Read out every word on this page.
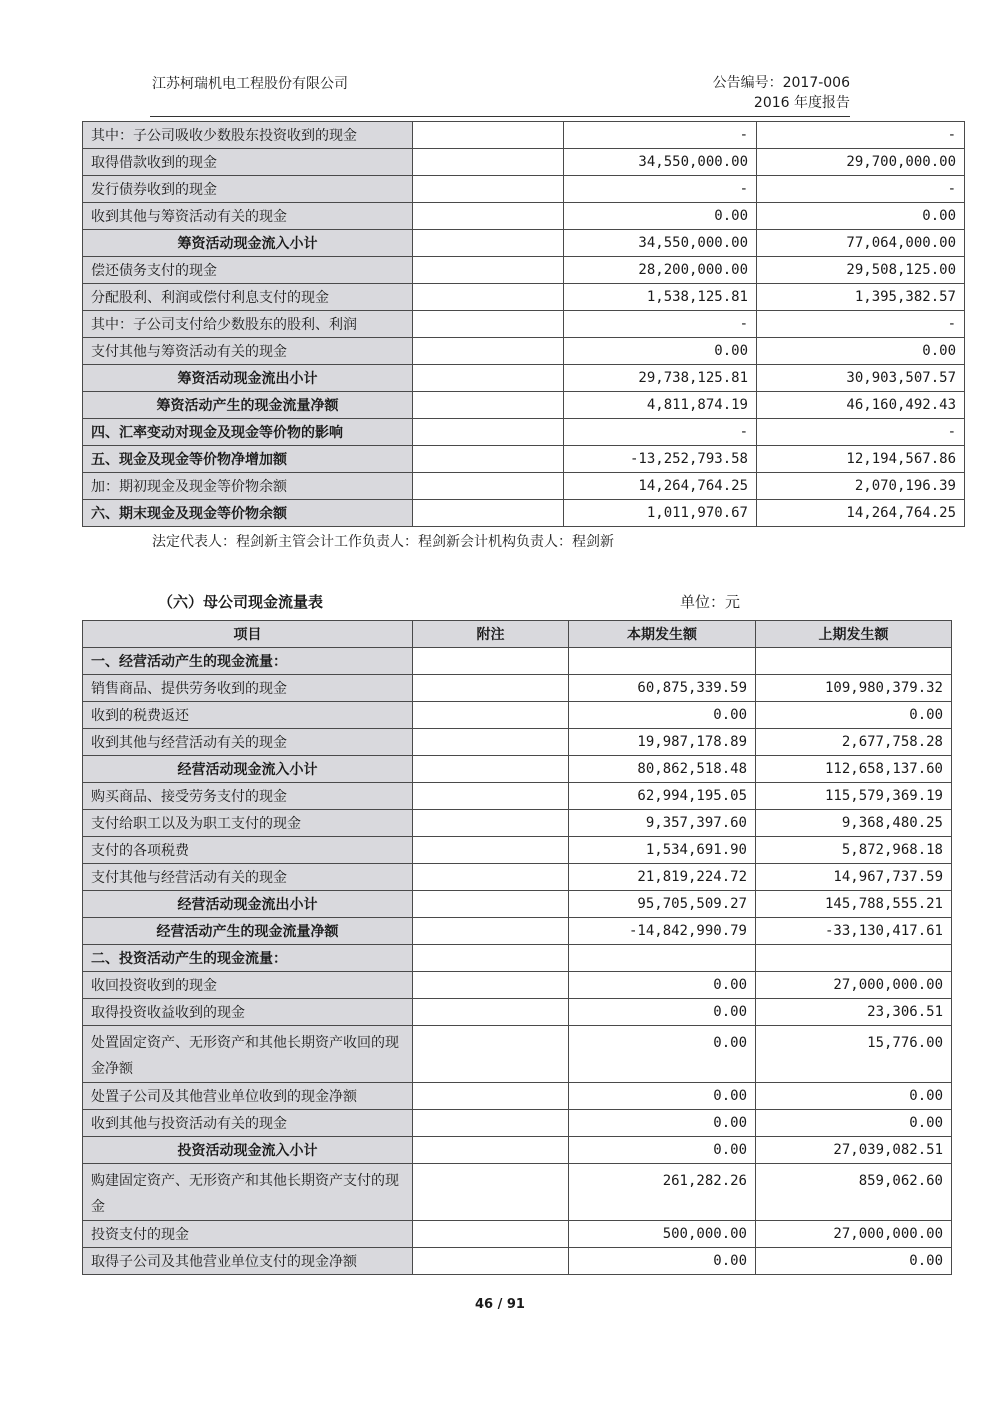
江苏柯瑞机电工程股份有限公司	公告编号：2017-006
2016 年度报告
其中：子公司吸收少数股东投资收到的现金		-	-
取得借款收到的现金		34,550,000.00	29,700,000.00
发行债券收到的现金		-	-
收到其他与筹资活动有关的现金		0.00	0.00
筹资活动现金流入小计		34,550,000.00	77,064,000.00
偿还债务支付的现金		28,200,000.00	29,508,125.00
分配股利、利润或偿付利息支付的现金		1,538,125.81	1,395,382.57
其中：子公司支付给少数股东的股利、利润		-	-
支付其他与筹资活动有关的现金		0.00	0.00
筹资活动现金流出小计		29,738,125.81	30,903,507.57
筹资活动产生的现金流量净额		4,811,874.19	46,160,492.43
四、汇率变动对现金及现金等价物的影响		-	-
五、现金及现金等价物净增加额		-13,252,793.58	12,194,567.86
加：期初现金及现金等价物余额		14,264,764.25	2,070,196.39
六、期末现金及现金等价物余额		1,011,970.67	14,264,764.25
法定代表人：程剑新主管会计工作负责人：程剑新会计机构负责人：程剑新
（六）母公司现金流量表	单位：元
项目	附注	本期发生额	上期发生额
一、经营活动产生的现金流量：			
销售商品、提供劳务收到的现金		60,875,339.59	109,980,379.32
收到的税费返还		0.00	0.00
收到其他与经营活动有关的现金		19,987,178.89	2,677,758.28
经营活动现金流入小计		80,862,518.48	112,658,137.60
购买商品、接受劳务支付的现金		62,994,195.05	115,579,369.19
支付给职工以及为职工支付的现金		9,357,397.60	9,368,480.25
支付的各项税费		1,534,691.90	5,872,968.18
支付其他与经营活动有关的现金		21,819,224.72	14,967,737.59
经营活动现金流出小计		95,705,509.27	145,788,555.21
经营活动产生的现金流量净额		-14,842,990.79	-33,130,417.61
二、投资活动产生的现金流量：			
收回投资收到的现金		0.00	27,000,000.00
取得投资收益收到的现金		0.00	23,306.51
处置固定资产、无形资产和其他长期资产收回的现金净额		0.00	15,776.00
处置子公司及其他营业单位收到的现金净额		0.00	0.00
收到其他与投资活动有关的现金		0.00	0.00
投资活动现金流入小计		0.00	27,039,082.51
购建固定资产、无形资产和其他长期资产支付的现金		261,282.26	859,062.60
投资支付的现金		500,000.00	27,000,000.00
取得子公司及其他营业单位支付的现金净额		0.00	0.00
46 / 91
